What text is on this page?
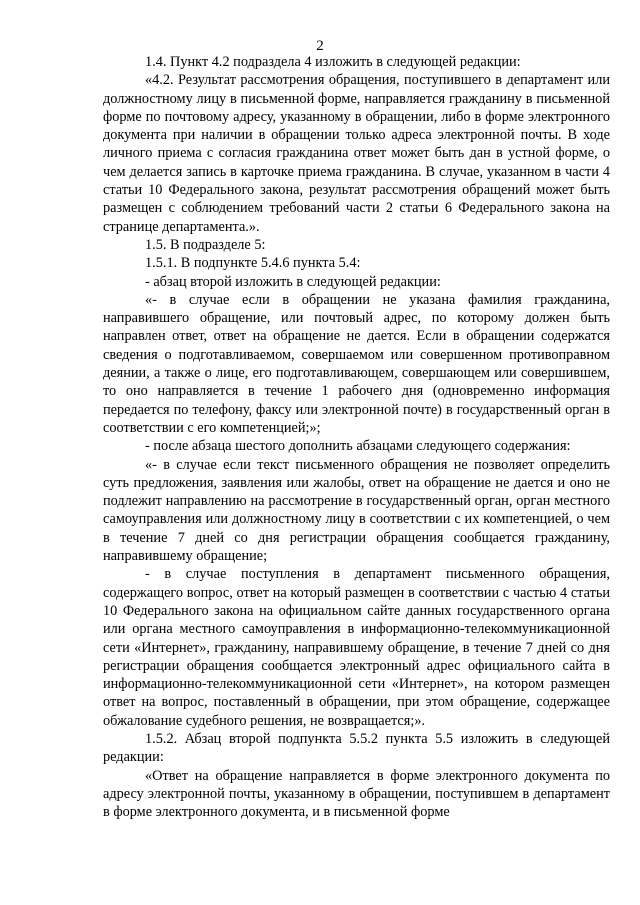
2

1.4. Пункт 4.2 подраздела 4 изложить в следующей редакции:

«4.2. Результат рассмотрения обращения, поступившего в департамент или должностному лицу в письменной форме, направляется гражданину в письменной форме по почтовому адресу, указанному в обращении, либо в форме электронного документа при наличии в обращении только адреса электронной почты. В ходе личного приема с согласия гражданина ответ может быть дан в устной форме, о чем делается запись в карточке приема гражданина. В случае, указанном в части 4 статьи 10 Федерального закона, результат рассмотрения обращений может быть размещен с соблюдением требований части 2 статьи 6 Федерального закона на странице департамента.».

1.5. В подразделе 5:

1.5.1. В подпункте 5.4.6 пункта 5.4:

- абзац второй изложить в следующей редакции:

«- в случае если в обращении не указана фамилия гражданина, направившего обращение, или почтовый адрес, по которому должен быть направлен ответ, ответ на обращение не дается. Если в обращении содержатся сведения о подготавливаемом, совершаемом или совершенном противоправном деянии, а также о лице, его подготавливающем, совершающем или совершившем, то оно направляется в течение 1 рабочего дня (одновременно информация передается по телефону, факсу или электронной почте) в государственный орган в соответствии с его компетенцией;»;

- после абзаца шестого дополнить абзацами следующего содержания:

«- в случае если текст письменного обращения не позволяет определить суть предложения, заявления или жалобы, ответ на обращение не дается и оно не подлежит направлению на рассмотрение в государственный орган, орган местного самоуправления или должностному лицу в соответствии с их компетенцией, о чем в течение 7 дней со дня регистрации обращения сообщается гражданину, направившему обращение;

- в случае поступления в департамент письменного обращения, содержащего вопрос, ответ на который размещен в соответствии с частью 4 статьи 10 Федерального закона на официальном сайте данных государственного органа или органа местного самоуправления в информационно-телекоммуникационной сети «Интернет», гражданину, направившему обращение, в течение 7 дней со дня регистрации обращения сообщается электронный адрес официального сайта в информационно-телекоммуникационной сети «Интернет», на котором размещен ответ на вопрос, поставленный в обращении, при этом обращение, содержащее обжалование судебного решения, не возвращается;».

1.5.2. Абзац второй подпункта 5.5.2 пункта 5.5 изложить в следующей редакции:

«Ответ на обращение направляется в форме электронного документа по адресу электронной почты, указанному в обращении, поступившем в департамент в форме электронного документа, и в письменной форме
